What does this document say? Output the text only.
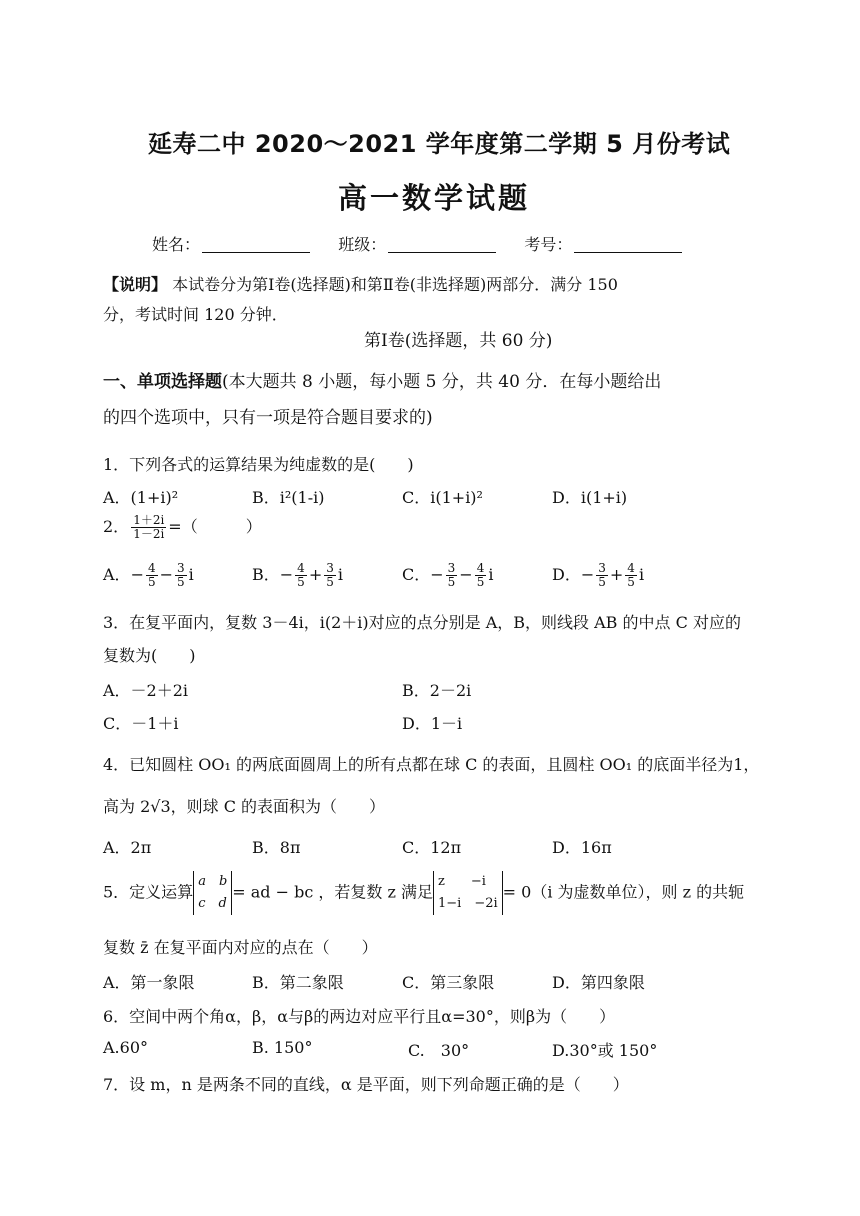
延寿二中 2020～2021 学年度第二学期 5 月份考试
高一数学试题
姓名：	班级：	考号：
【说明】 本试卷分为第Ⅰ卷(选择题)和第Ⅱ卷(非选择题)两部分．满分 150
分，考试时间 120 分钟．
第Ⅰ卷(选择题，共 60 分)
一、单项选择题(本大题共 8 小题，每小题 5 分，共 40 分．在每小题给出
的四个选项中，只有一项是符合题目要求的)
1．下列各式的运算结果为纯虚数的是(　　)
A．(1+i)²	B．i²(1-i)	C．i(1+i)²	D．i(1+i)
2． $\frac{1+2i}{1-2i}$ =（　　　）
A．− $\frac{4}{5} - \frac{3}{5}$ i	B．− $\frac{4}{5} + \frac{3}{5}$ i	C．− $\frac{3}{5} - \frac{4}{5}$ i	D．− $\frac{3}{5} + \frac{4}{5}$ i
3．在复平面内，复数 3－4i，i(2＋i)对应的点分别是 A，B，则线段 AB 的中点 C 对应的
复数为(　　)
A．－2＋2i	B．2－2i
C．－1＋i	D．1－i
4．已知圆柱 OO₁ 的两底面圆周上的所有点都在球 C 的表面，且圆柱 OO₁ 的底面半径为1，
高为 2√3，则球 C 的表面积为（　　）
A．2π	B．8π	C．12π	D．16π
5．定义运算
a　b
c　d
= ad − bc ，若复数 z 满足
z　　−i
1−i　−2i
= 0（i 为虚数单位），则 z 的共轭
复数 z̄ 在复平面内对应的点在（　　）
A．第一象限	B．第二象限	C．第三象限	D．第四象限
6．空间中两个角α，β，α与β的两边对应平行且α=30°，则β为（　　）
A.60°	B. 150°	C.　30°	D.30°或 150°
7．设 m，n 是两条不同的直线，α 是平面，则下列命题正确的是（　　）
